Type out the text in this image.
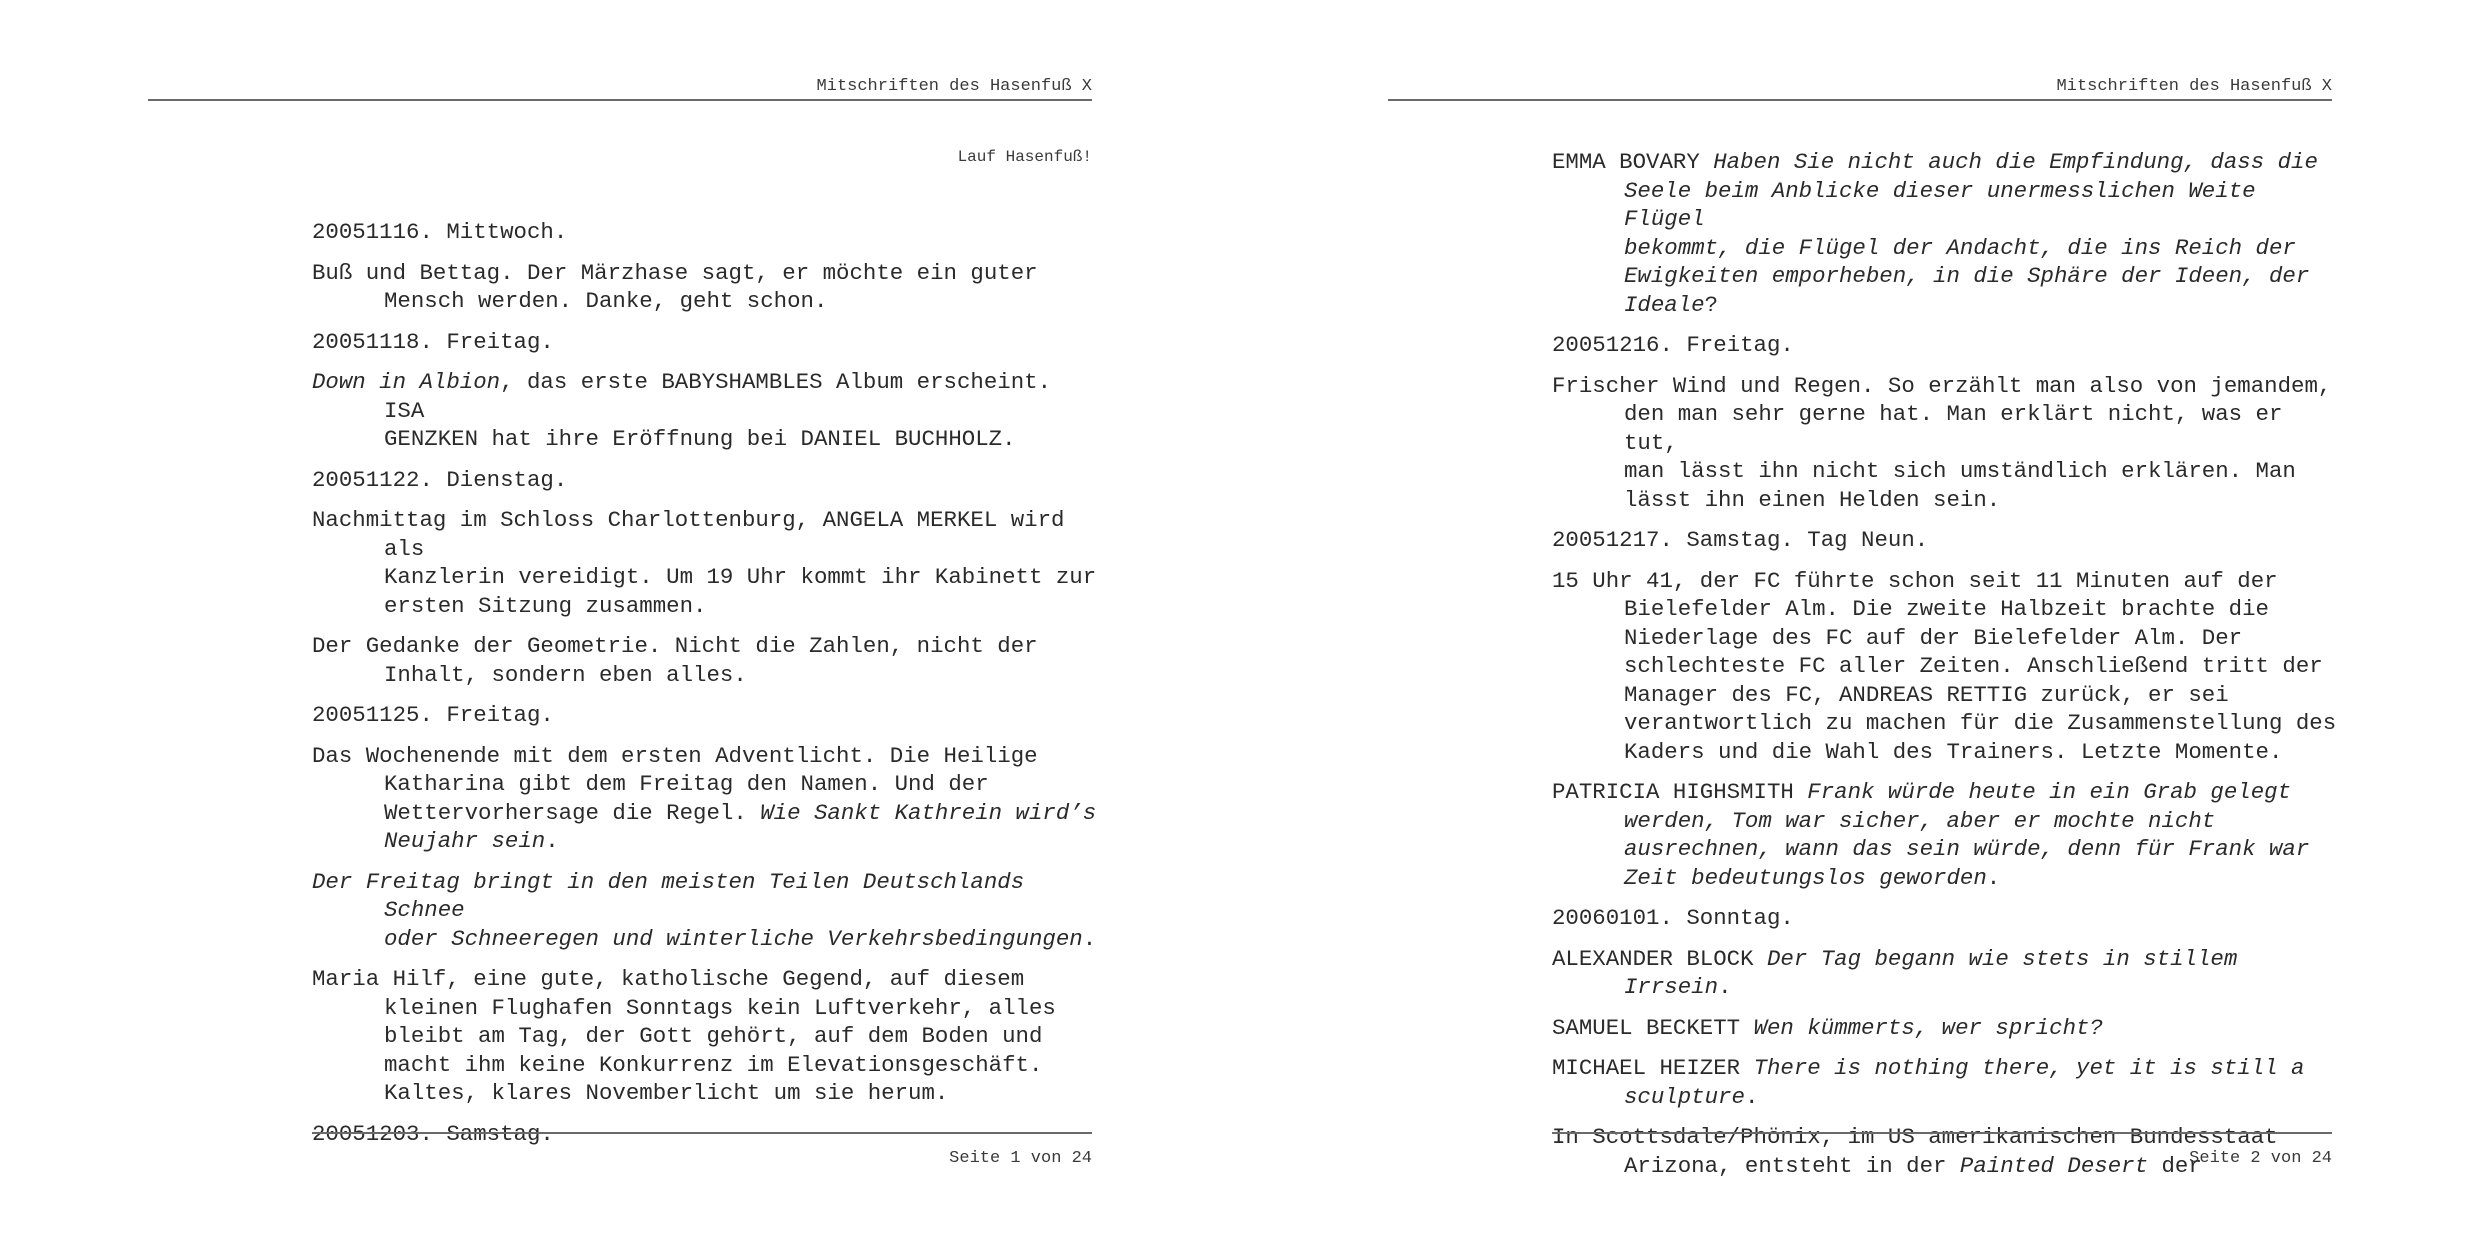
Mitschriften des Hasenfuß X
Lauf Hasenfuß!

20051116. Mittwoch.

Buß und Bettag. Der Märzhase sagt, er möchte ein guter
Mensch werden. Danke, geht schon.

20051118. Freitag.

Down in Albion, das erste BABYSHAMBLES Album erscheint. ISA
GENZKEN hat ihre Eröffnung bei DANIEL BUCHHOLZ.

20051122. Dienstag.

Nachmittag im Schloss Charlottenburg, ANGELA MERKEL wird als
Kanzlerin vereidigt. Um 19 Uhr kommt ihr Kabinett zur
ersten Sitzung zusammen.

Der Gedanke der Geometrie. Nicht die Zahlen, nicht der
Inhalt, sondern eben alles.

20051125. Freitag.

Das Wochenende mit dem ersten Adventlicht. Die Heilige
Katharina gibt dem Freitag den Namen. Und der
Wettervorhersage die Regel. Wie Sankt Kathrein wird’s
Neujahr sein.

Der Freitag bringt in den meisten Teilen Deutschlands Schnee
oder Schneeregen und winterliche Verkehrsbedingungen.

Maria Hilf, eine gute, katholische Gegend, auf diesem
kleinen Flughafen Sonntags kein Luftverkehr, alles
bleibt am Tag, der Gott gehört, auf dem Boden und
macht ihm keine Konkurrenz im Elevationsgeschäft.
Kaltes, klares Novemberlicht um sie herum.

20051203. Samstag.

Seite 1 von 24
Mitschriften des Hasenfuß X

EMMA BOVARY Haben Sie nicht auch die Empfindung, dass die
Seele beim Anblicke dieser unermesslichen Weite Flügel
bekommt, die Flügel der Andacht, die ins Reich der
Ewigkeiten emporheben, in die Sphäre der Ideen, der
Ideale?

20051216. Freitag.

Frischer Wind und Regen. So erzählt man also von jemandem,
den man sehr gerne hat. Man erklärt nicht, was er tut,
man lässt ihn nicht sich umständlich erklären. Man
lässt ihn einen Helden sein.

20051217. Samstag. Tag Neun.

15 Uhr 41, der FC führte schon seit 11 Minuten auf der
Bielefelder Alm. Die zweite Halbzeit brachte die
Niederlage des FC auf der Bielefelder Alm. Der
schlechteste FC aller Zeiten. Anschließend tritt der
Manager des FC, ANDREAS RETTIG zurück, er sei
verantwortlich zu machen für die Zusammenstellung des
Kaders und die Wahl des Trainers. Letzte Momente.

PATRICIA HIGHSMITH Frank würde heute in ein Grab gelegt
werden, Tom war sicher, aber er mochte nicht
ausrechnen, wann das sein würde, denn für Frank war
Zeit bedeutungslos geworden.

20060101. Sonntag.

ALEXANDER BLOCK Der Tag begann wie stets in stillem Irrsein.

SAMUEL BECKETT Wen kümmerts, wer spricht?

MICHAEL HEIZER There is nothing there, yet it is still a
sculpture.

In Scottsdale/Phönix, im US amerikanischen Bundesstaat
Arizona, entsteht in der Painted Desert der

Seite 2 von 24
